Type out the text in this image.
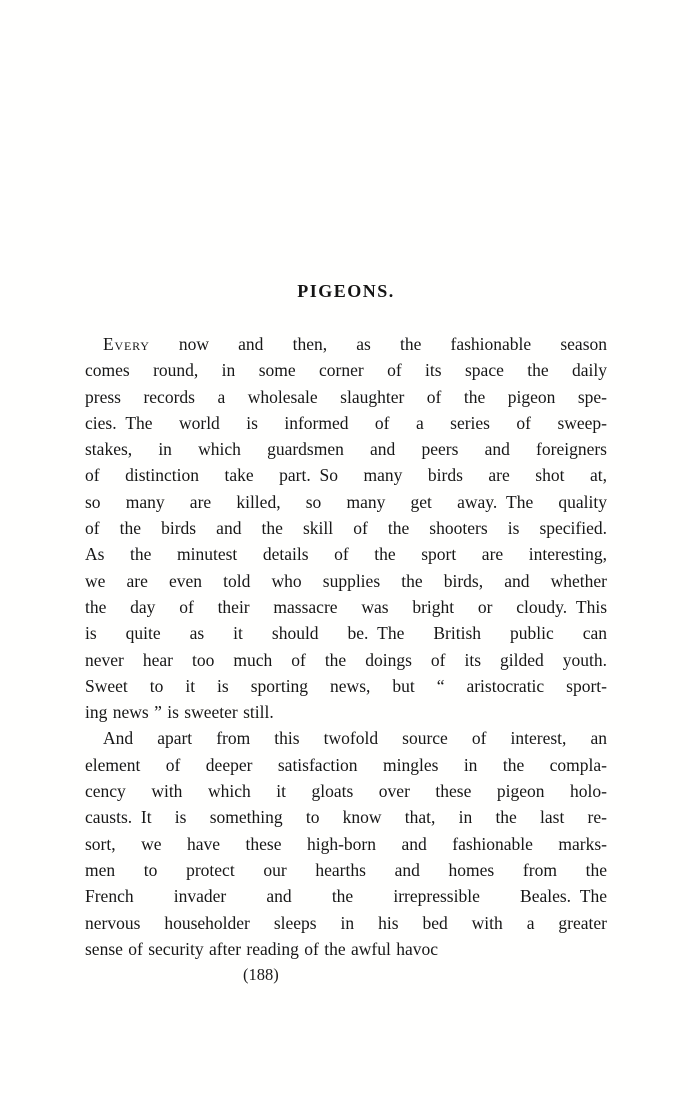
PIGEONS.
Every now and then, as the fashionable season
comes round, in some corner of its space the daily
press records a wholesale slaughter of the pigeon spe-
cies. The world is informed of a series of sweep-
stakes, in which guardsmen and peers and foreigners
of distinction take part. So many birds are shot at,
so many are killed, so many get away. The quality
of the birds and the skill of the shooters is specified.
As the minutest details of the sport are interesting,
we are even told who supplies the birds, and whether
the day of their massacre was bright or cloudy. This
is quite as it should be. The British public can
never hear too much of the doings of its gilded youth.
Sweet to it is sporting news, but “ aristocratic sport-
ing news ” is sweeter still.
And apart from this twofold source of interest, an
element of deeper satisfaction mingles in the compla-
cency with which it gloats over these pigeon holo-
causts. It is something to know that, in the last re-
sort, we have these high-born and fashionable marks-
men to protect our hearths and homes from the
French invader and the irrepressible Beales. The
nervous householder sleeps in his bed with a greater
sense of security after reading of the awful havoc
(188)
